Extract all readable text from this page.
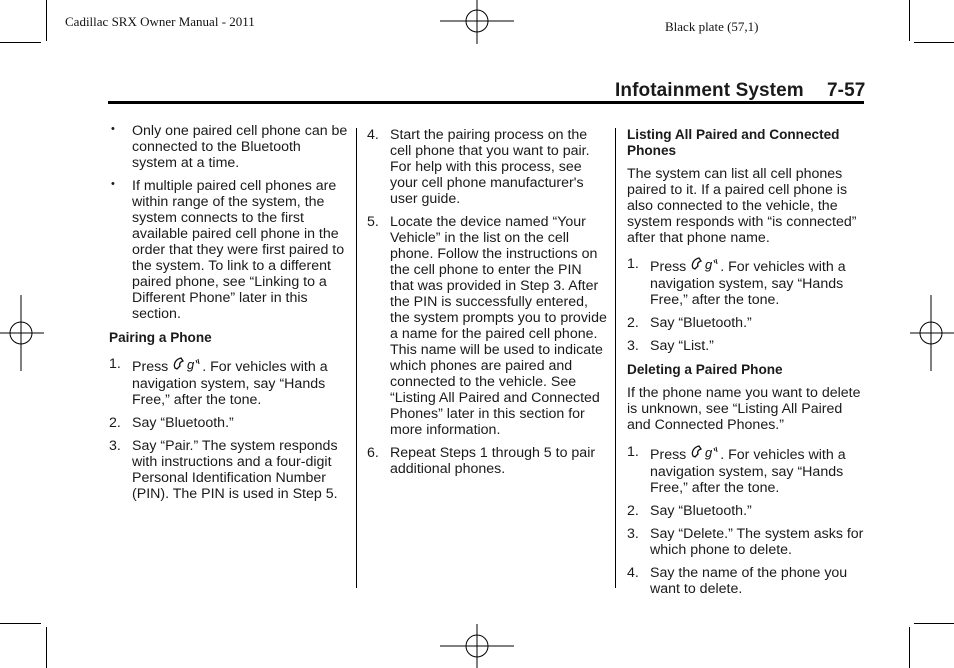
Cadillac SRX Owner Manual - 2011	Black plate (57,1)
Infotainment System 7-57
• Only one paired cell phone can be connected to the Bluetooth system at a time.

• If multiple paired cell phones are within range of the system, the system connects to the first available paired cell phone in the order that they were first paired to the system. To link to a different paired phone, see “Linking to a Different Phone” later in this section.

Pairing a Phone
1. Press g . For vehicles with a navigation system, say “Hands Free,” after the tone.

2. Say “Bluetooth.”

3. Say “Pair.” The system responds with instructions and a four-digit Personal Identification Number (PIN). The PIN is used in Step 5.

4. Start the pairing process on the cell phone that you want to pair. For help with this process, see your cell phone manufacturer's user guide.

5. Locate the device named “Your Vehicle” in the list on the cell phone. Follow the instructions on the cell phone to enter the PIN that was provided in Step 3. After the PIN is successfully entered, the system prompts you to provide a name for the paired cell phone. This name will be used to indicate which phones are paired and connected to the vehicle. See “Listing All Paired and Connected Phones” later in this section for more information.

6. Repeat Steps 1 through 5 to pair additional phones.

Listing All Paired and Connected Phones

The system can list all cell phones paired to it. If a paired cell phone is also connected to the vehicle, the system responds with “is connected” after that phone name.

1. Press g . For vehicles with a navigation system, say “Hands Free,” after the tone.

2. Say “Bluetooth.”

3. Say “List.”

Deleting a Paired Phone

If the phone name you want to delete is unknown, see “Listing All Paired and Connected Phones.”

1. Press g . For vehicles with a navigation system, say “Hands Free,” after the tone.

2. Say “Bluetooth.”

3. Say “Delete.” The system asks for which phone to delete.

4. Say the name of the phone you want to delete.
